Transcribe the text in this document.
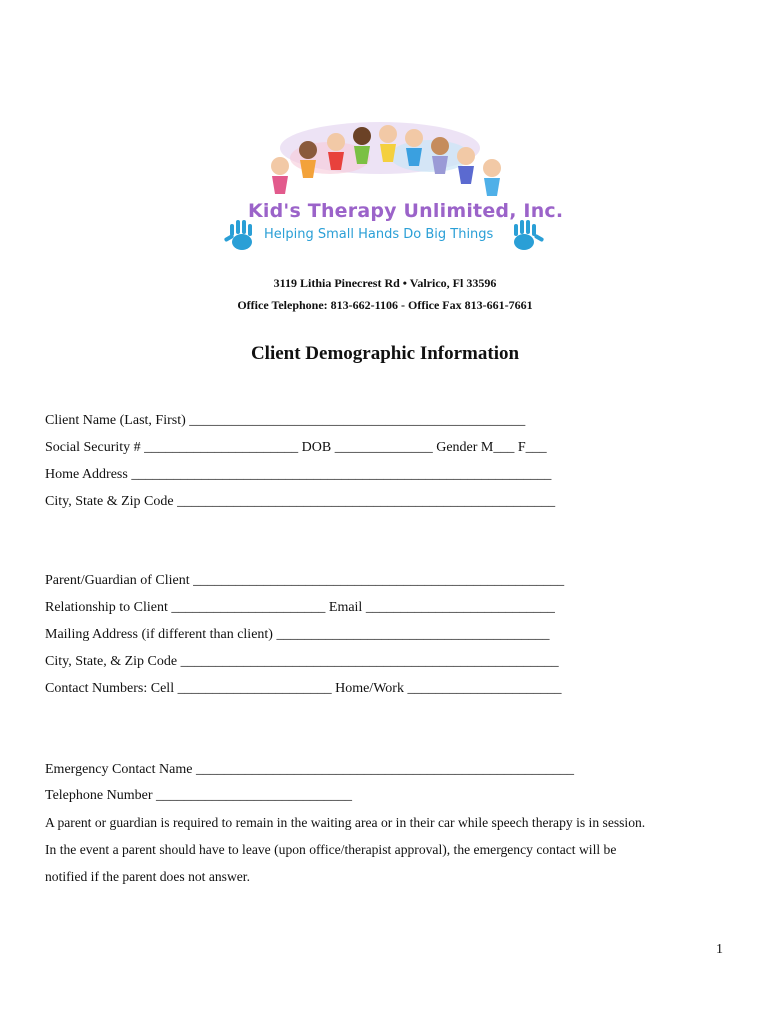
Kid's Therapy Unlimited, Inc.
Helping Small Hands Do Big Things
3119 Lithia Pinecrest Rd • Valrico, Fl 33596
Office Telephone: 813-662-1106 - Office Fax 813-661-7661
Client Demographic Information
Client Name (Last, First) ________________________________________________
Social Security # ______________________ DOB ______________ Gender M___ F___
Home Address ____________________________________________________________
City, State & Zip Code ______________________________________________________
Parent/Guardian of Client _____________________________________________________
Relationship to Client ______________________ Email ___________________________
Mailing Address (if different than client) _______________________________________
City, State, & Zip Code ______________________________________________________
Contact Numbers: Cell ______________________ Home/Work ______________________
Emergency Contact Name ______________________________________________________
Telephone Number ____________________________
A parent or guardian is required to remain in the waiting area or in their car while speech therapy is in session.
In the event a parent should have to leave (upon office/therapist approval), the emergency contact will be
notified if the parent does not answer.
1
